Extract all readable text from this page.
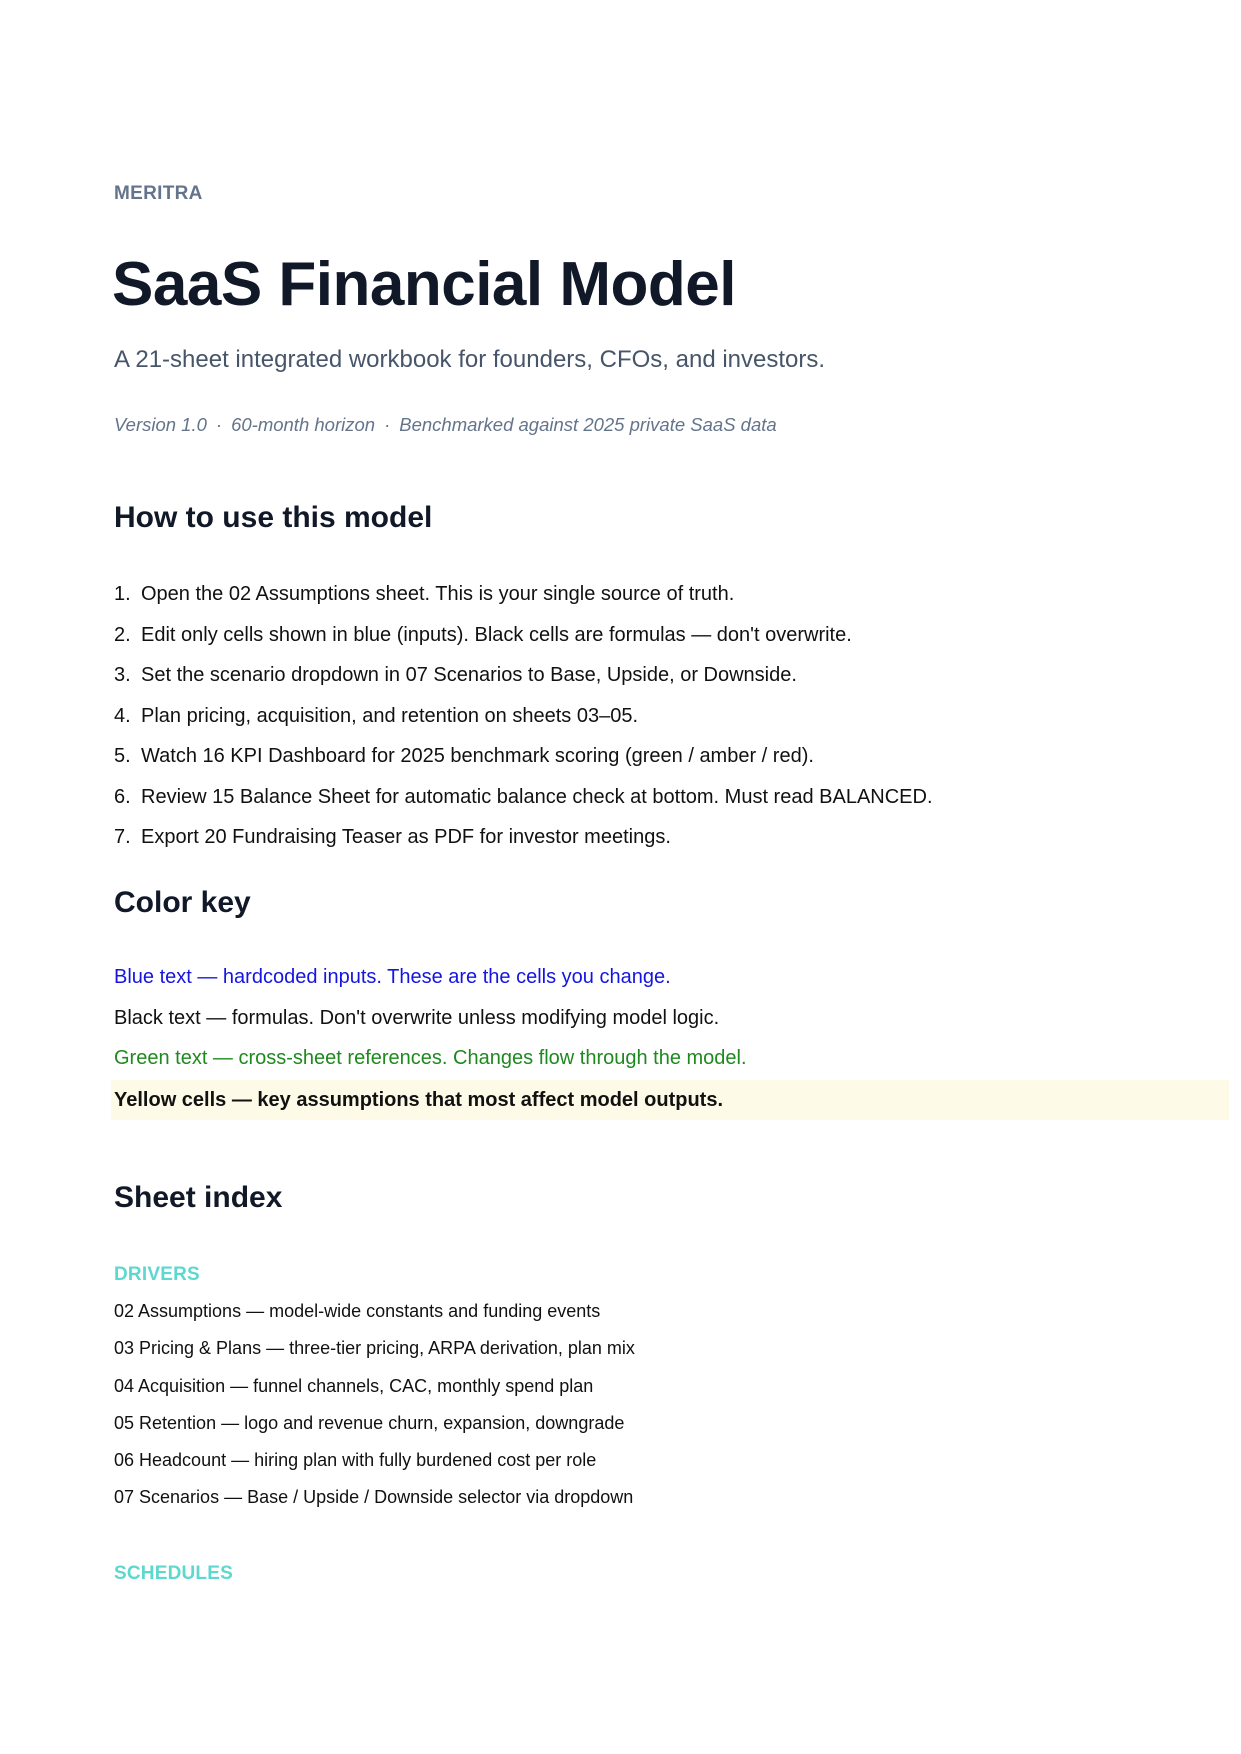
MERITRA
SaaS Financial Model
A 21-sheet integrated workbook for founders, CFOs, and investors.
Version 1.0 · 60-month horizon · Benchmarked against 2025 private SaaS data
How to use this model
1. Open the 02 Assumptions sheet. This is your single source of truth.
2. Edit only cells shown in blue (inputs). Black cells are formulas — don't overwrite.
3. Set the scenario dropdown in 07 Scenarios to Base, Upside, or Downside.
4. Plan pricing, acquisition, and retention on sheets 03–05.
5. Watch 16 KPI Dashboard for 2025 benchmark scoring (green / amber / red).
6. Review 15 Balance Sheet for automatic balance check at bottom. Must read BALANCED.
7. Export 20 Fundraising Teaser as PDF for investor meetings.
Color key
Blue text — hardcoded inputs. These are the cells you change.
Black text — formulas. Don't overwrite unless modifying model logic.
Green text — cross-sheet references. Changes flow through the model.
Yellow cells — key assumptions that most affect model outputs.
Sheet index
DRIVERS
02 Assumptions — model-wide constants and funding events
03 Pricing & Plans — three-tier pricing, ARPA derivation, plan mix
04 Acquisition — funnel channels, CAC, monthly spend plan
05 Retention — logo and revenue churn, expansion, downgrade
06 Headcount — hiring plan with fully burdened cost per role
07 Scenarios — Base / Upside / Downside selector via dropdown
SCHEDULES
